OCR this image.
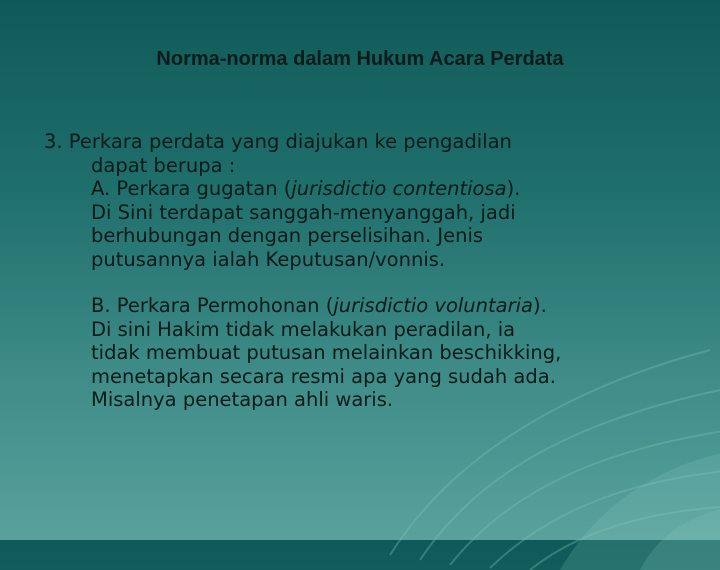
Norma-norma dalam Hukum Acara Perdata
3. Perkara perdata yang diajukan ke pengadilan
dapat berupa :
A. Perkara gugatan (jurisdictio contentiosa).
Di Sini terdapat sanggah-menyanggah, jadi
berhubungan dengan perselisihan. Jenis
putusannya ialah Keputusan/vonnis.
B. Perkara Permohonan (jurisdictio voluntaria).
Di sini Hakim tidak melakukan peradilan, ia
tidak membuat putusan melainkan beschikking,
menetapkan secara resmi apa yang sudah ada.
Misalnya penetapan ahli waris.
